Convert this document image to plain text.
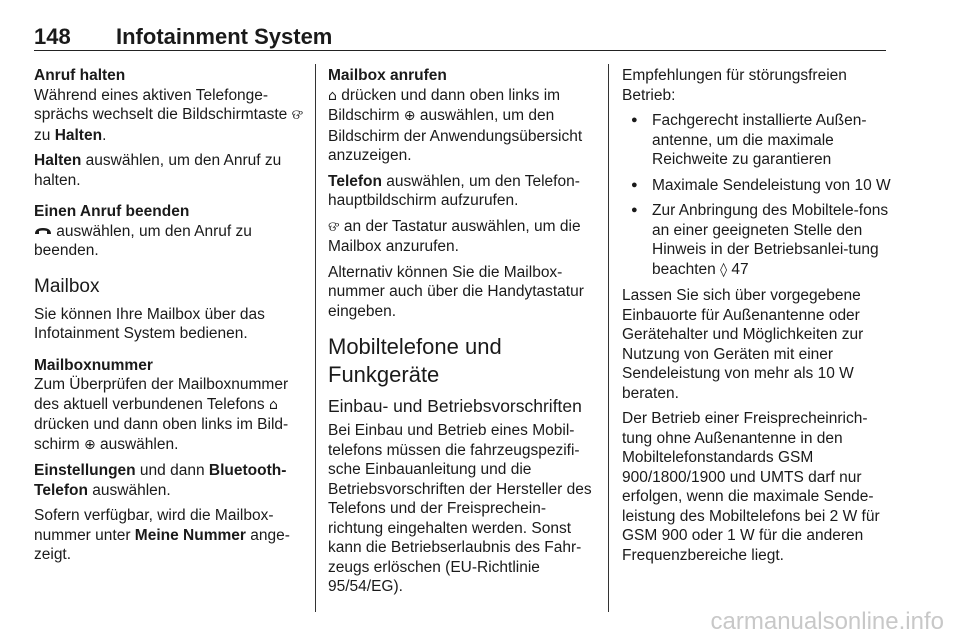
148 Infotainment System
Anruf halten

Während eines aktiven Telefonge-sprächs wechselt die Bildschirmtaste ଙ zu Halten.

Halten auswählen, um den Anruf zu halten.

Einen Anruf beenden

auswählen, um den Anruf zu beenden.

Mailbox

Sie können Ihre Mailbox über das Infotainment System bedienen.

Mailboxnummer

Zum Überprüfen der Mailboxnummer des aktuell verbundenen Telefons ⌂ drücken und dann oben links im Bild-schirm ⊕ auswählen.

Einstellungen und dann Bluetooth-Telefon auswählen.

Sofern verfügbar, wird die Mailbox-nummer unter Meine Nummer ange-zeigt.

Mailbox anrufen

⌂ drücken und dann oben links im Bildschirm ⊕ auswählen, um den Bildschirm der Anwendungsübersicht anzuzeigen.

Telefon auswählen, um den Telefon-hauptbildschirm aufzurufen.

ଙ an der Tastatur auswählen, um die Mailbox anzurufen.

Alternativ können Sie die Mailbox-nummer auch über die Handytastatur eingeben.

Mobiltelefone und Funkgeräte
Einbau- und Betriebsvorschriften

Bei Einbau und Betrieb eines Mobil-telefons müssen die fahrzeugspezifi-sche Einbauanleitung und die Betriebsvorschriften der Hersteller des Telefons und der Freisprechein-richtung eingehalten werden. Sonst kann die Betriebserlaubnis des Fahr-zeugs erlöschen (EU-Richtlinie 95/54/EG).

Empfehlungen für störungsfreien Betrieb:

● Fachgerecht installierte Außen-antenne, um die maximale Reichweite zu garantieren
● Maximale Sendeleistung von 10 W
● Zur Anbringung des Mobiltele-fons an einer geeigneten Stelle den Hinweis in der Betriebsanlei-tung beachten ◊ 47

Lassen Sie sich über vorgegebene Einbauorte für Außenantenne oder Gerätehalter und Möglichkeiten zur Nutzung von Geräten mit einer Sendeleistung von mehr als 10 W beraten.

Der Betrieb einer Freisprecheinrich-tung ohne Außenantenne in den Mobiltelefonstandards GSM 900/1800/1900 und UMTS darf nur erfolgen, wenn die maximale Sende-leistung des Mobiltelefons bei 2 W für GSM 900 oder 1 W für die anderen Frequenzbereiche liegt.

carmanualsonline.info
